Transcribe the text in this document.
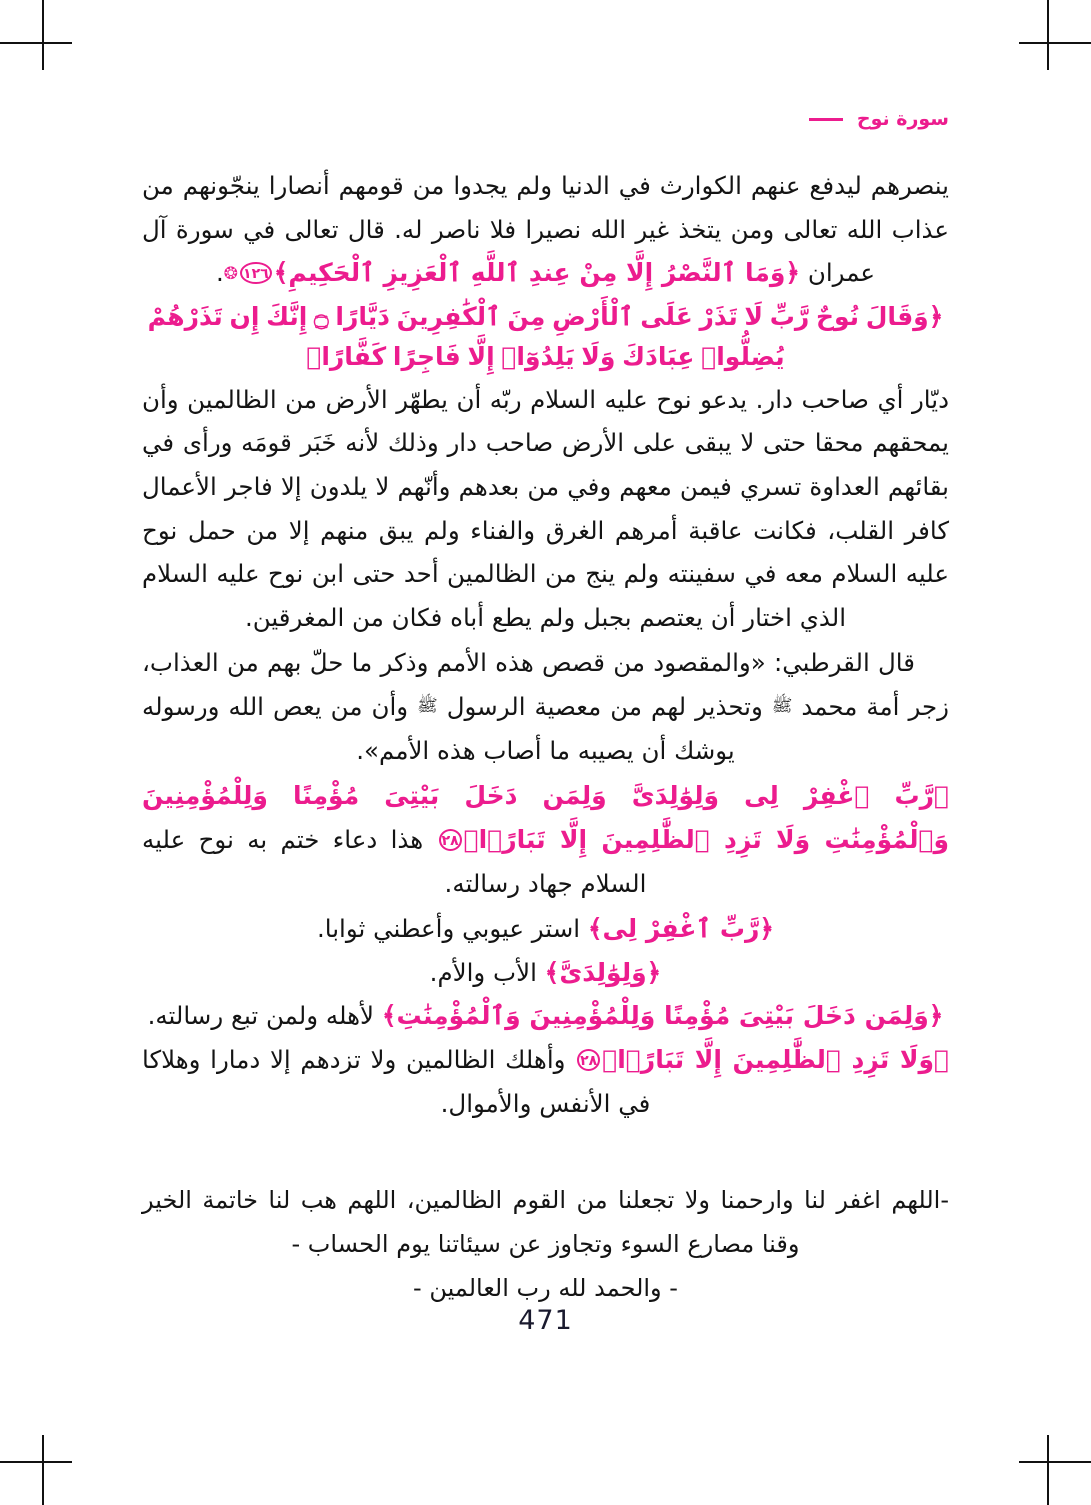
سورة نوح

ينصرهم ليدفع عنهم الكوارث في الدنيا ولم يجدوا من قومهم أنصارا ينجّونهم من عذاب الله تعالى ومن يتخذ غير الله نصيرا فلا ناصر له. قال تعالى في سورة آل عمران ﴿وَمَا ٱلنَّصْرُ إِلَّا مِنْ عِندِ ٱللَّهِ ٱلْعَزِيزِ ٱلْحَكِيمِ﴾١٢٦❂.

﴿وَقَالَ نُوحٌ رَّبِّ لَا تَذَرْ عَلَى ٱلْأَرْضِ مِنَ ٱلْكَٰفِرِينَ دَيَّارًا ۝ إِنَّكَ إِن تَذَرْهُمْ يُضِلُّوا۟ عِبَادَكَ وَلَا يَلِدُوٓا۟ إِلَّا فَاجِرًا كَفَّارًا﴾

ديّار أي صاحب دار. يدعو نوح عليه السلام ربّه أن يطهّر الأرض من الظالمين وأن يمحقهم محقا حتى لا يبقى على الأرض صاحب دار وذلك لأنه خَبَر قومَه ورأى في بقائهم العداوة تسري فيمن معهم وفي من بعدهم وأنّهم لا يلدون إلا فاجر الأعمال كافر القلب، فكانت عاقبة أمرهم الغرق والفناء ولم يبق منهم إلا من حمل نوح عليه السلام معه في سفينته ولم ينج من الظالمين أحد حتى ابن نوح عليه السلام الذي اختار أن يعتصم بجبل ولم يطع أباه فكان من المغرقين.

قال القرطبي: «والمقصود من قصص هذه الأمم وذكر ما حلّ بهم من العذاب، زجر أمة محمد ﷺ وتحذير لهم من معصية الرسول ﷺ وأن من يعص الله ورسوله يوشك أن يصيبه ما أصاب هذه الأمم».

﴿رَّبِّ ٱغْفِرْ لِى وَلِوَٰلِدَىَّ وَلِمَن دَخَلَ بَيْتِىَ مُؤْمِنًا وَلِلْمُؤْمِنِينَ وَٱلْمُؤْمِنَٰتِ وَلَا تَزِدِ ٱلظَّٰلِمِينَ إِلَّا تَبَارًۢا﴾٢٨ هذا دعاء ختم به نوح عليه السلام جهاد رسالته.

﴿رَّبِّ ٱغْفِرْ لِى﴾ استر عيوبي وأعطني ثوابا.

﴿وَلِوَٰلِدَىَّ﴾ الأب والأم.

﴿وَلِمَن دَخَلَ بَيْتِىَ مُؤْمِنًا وَلِلْمُؤْمِنِينَ وَٱلْمُؤْمِنَٰتِ﴾ لأهله ولمن تبع رسالته.

﴿وَلَا تَزِدِ ٱلظَّٰلِمِينَ إِلَّا تَبَارًۢا﴾٢٨ وأهلك الظالمين ولا تزدهم إلا دمارا وهلاكا في الأنفس والأموال.

-اللهم اغفر لنا وارحمنا ولا تجعلنا من القوم الظالمين، اللهم هب لنا خاتمة الخير وقنا مصارع السوء وتجاوز عن سيئاتنا يوم الحساب -

- والحمد لله رب العالمين -

471
